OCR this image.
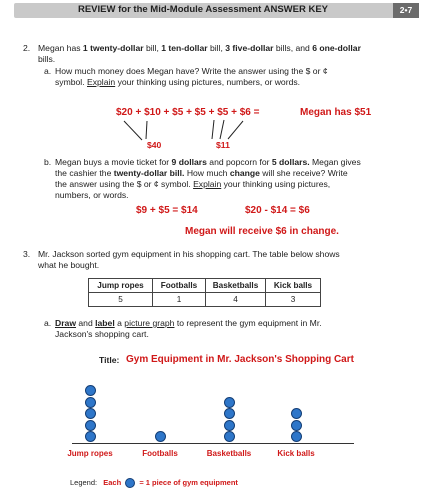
REVIEW for the Mid-Module Assessment ANSWER KEY	2•7
2. Megan has 1 twenty-dollar bill, 1 ten-dollar bill, 3 five-dollar bills, and 6 one-dollar
bills.
a. How much money does Megan have? Write the answer using the $ or ¢
symbol. Explain your thinking using pictures, numbers, or words.
$20 + $10 + $5 + $5 + $5 + $6 =	Megan has $51
$40	$11
b. Megan buys a movie ticket for 9 dollars and popcorn for 5 dollars. Megan gives
the cashier the twenty-dollar bill. How much change will she receive? Write
the answer using the $ or ¢ symbol. Explain your thinking using pictures,
numbers, or words.
$9 + $5 = $14	$20 - $14 = $6
Megan will receive $6 in change.
3. Mr. Jackson sorted gym equipment in his shopping cart. The table below shows
what he bought.
Jump ropes	Footballs	Basketballs	Kick balls
5	1	4	3
a. Draw and label a picture graph to represent the gym equipment in Mr.
Jackson's shopping cart.
Title: Gym Equipment in Mr. Jackson's Shopping Cart
Jump ropes	Footballs	Basketballs	Kick balls
Legend: Each = 1 piece of gym equipment
